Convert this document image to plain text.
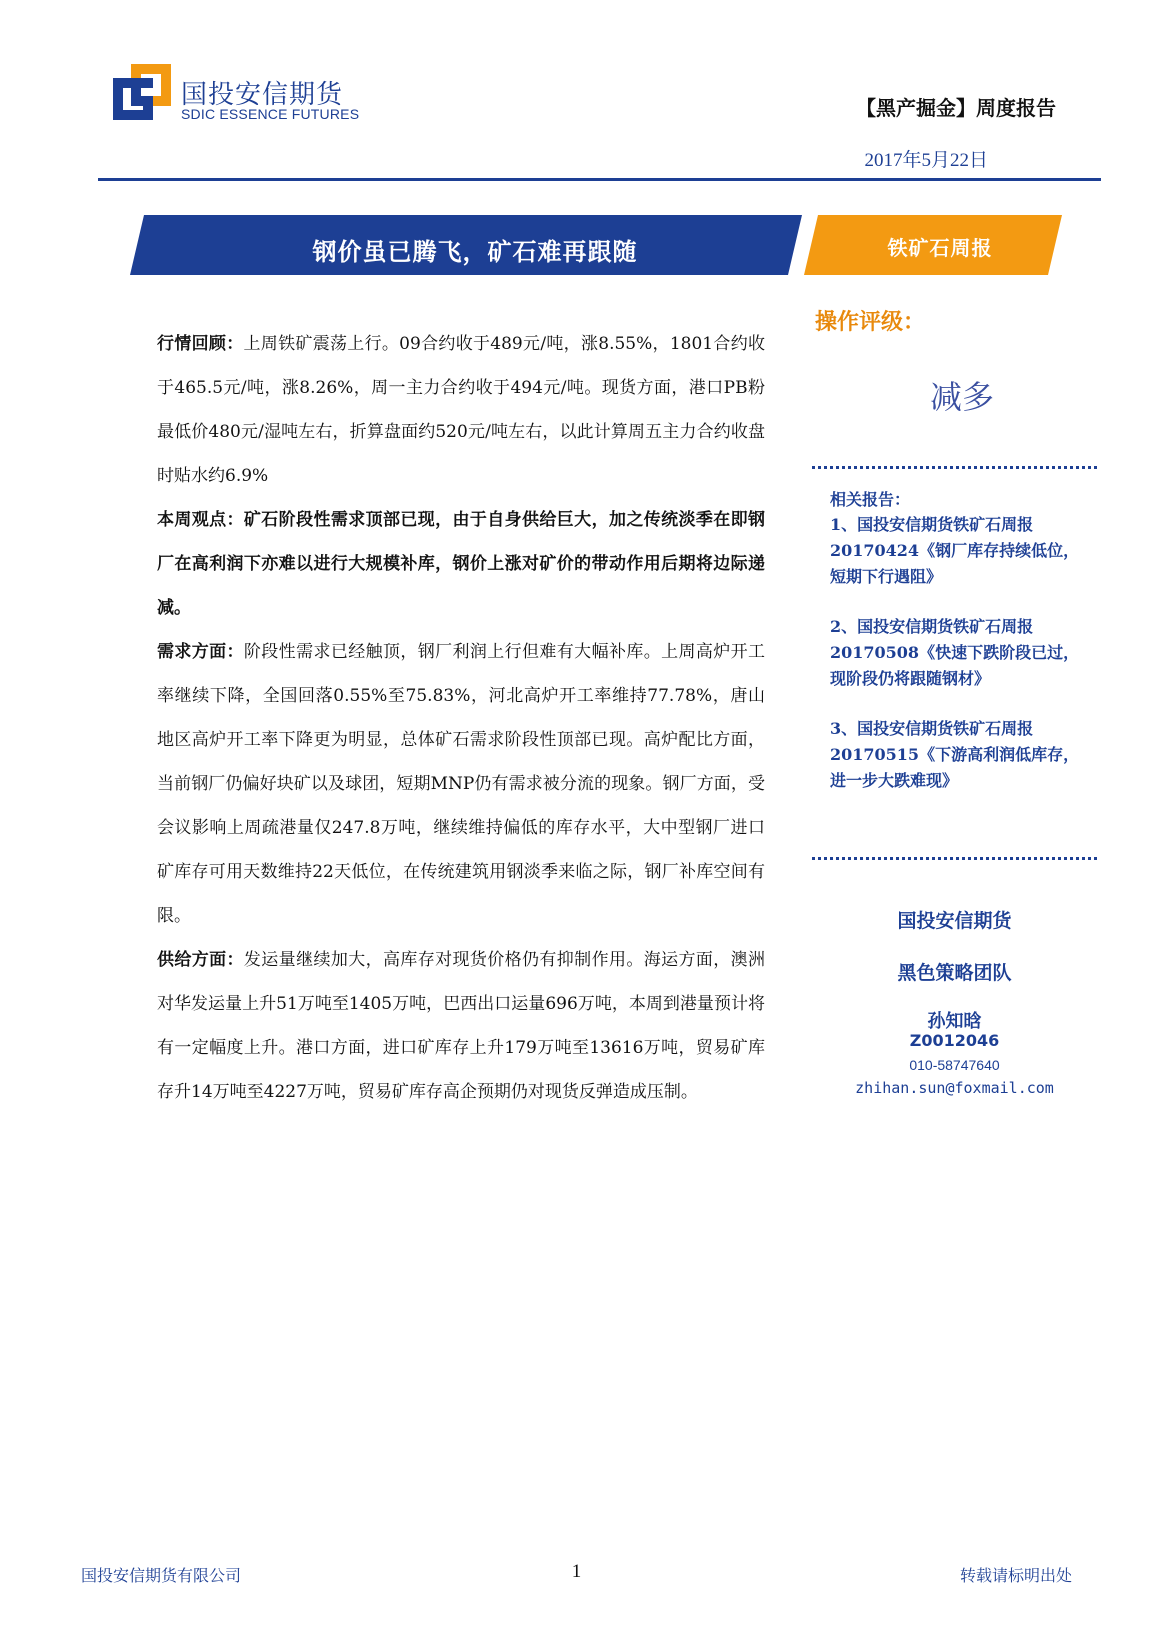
国投安信期货
SDIC ESSENCE FUTURES	【黑产掘金】周度报告
2017年5月22日
钢价虽已腾飞，矿石难再跟随	铁矿石周报
操作评级：
减多
相关报告：
1、国投安信期货铁矿石周报
20170424《钢厂库存持续低位，
短期下行遇阻》
2、国投安信期货铁矿石周报
20170508《快速下跌阶段已过，
现阶段仍将跟随钢材》
3、国投安信期货铁矿石周报
20170515《下游高利润低库存，
进一步大跌难现》
国投安信期货
黑色策略团队
孙知晗
Z0012046
010-58747640
zhihan.sun@foxmail.com

行情回顾：上周铁矿震荡上行。09合约收于489元/吨，涨8.55%，1801合约收于465.5元/吨，涨8.26%，周一主力合约收于494元/吨。现货方面，港口PB粉最低价480元/湿吨左右，折算盘面约520元/吨左右，以此计算周五主力合约收盘时贴水约6.9%

本周观点：矿石阶段性需求顶部已现，由于自身供给巨大，加之传统淡季在即钢厂在高利润下亦难以进行大规模补库，钢价上涨对矿价的带动作用后期将边际递减。

需求方面：阶段性需求已经触顶，钢厂利润上行但难有大幅补库。上周高炉开工率继续下降，全国回落0.55%至75.83%，河北高炉开工率维持77.78%，唐山地区高炉开工率下降更为明显，总体矿石需求阶段性顶部已现。高炉配比方面，当前钢厂仍偏好块矿以及球团，短期MNP仍有需求被分流的现象。钢厂方面，受会议影响上周疏港量仅247.8万吨，继续维持偏低的库存水平，大中型钢厂进口矿库存可用天数维持22天低位，在传统建筑用钢淡季来临之际，钢厂补库空间有限。

供给方面：发运量继续加大，高库存对现货价格仍有抑制作用。海运方面，澳洲对华发运量上升51万吨至1405万吨，巴西出口运量696万吨，本周到港量预计将有一定幅度上升。港口方面，进口矿库存上升179万吨至13616万吨，贸易矿库存升14万吨至4227万吨，贸易矿库存高企预期仍对现货反弹造成压制。

国投安信期货有限公司	1	转载请标明出处
